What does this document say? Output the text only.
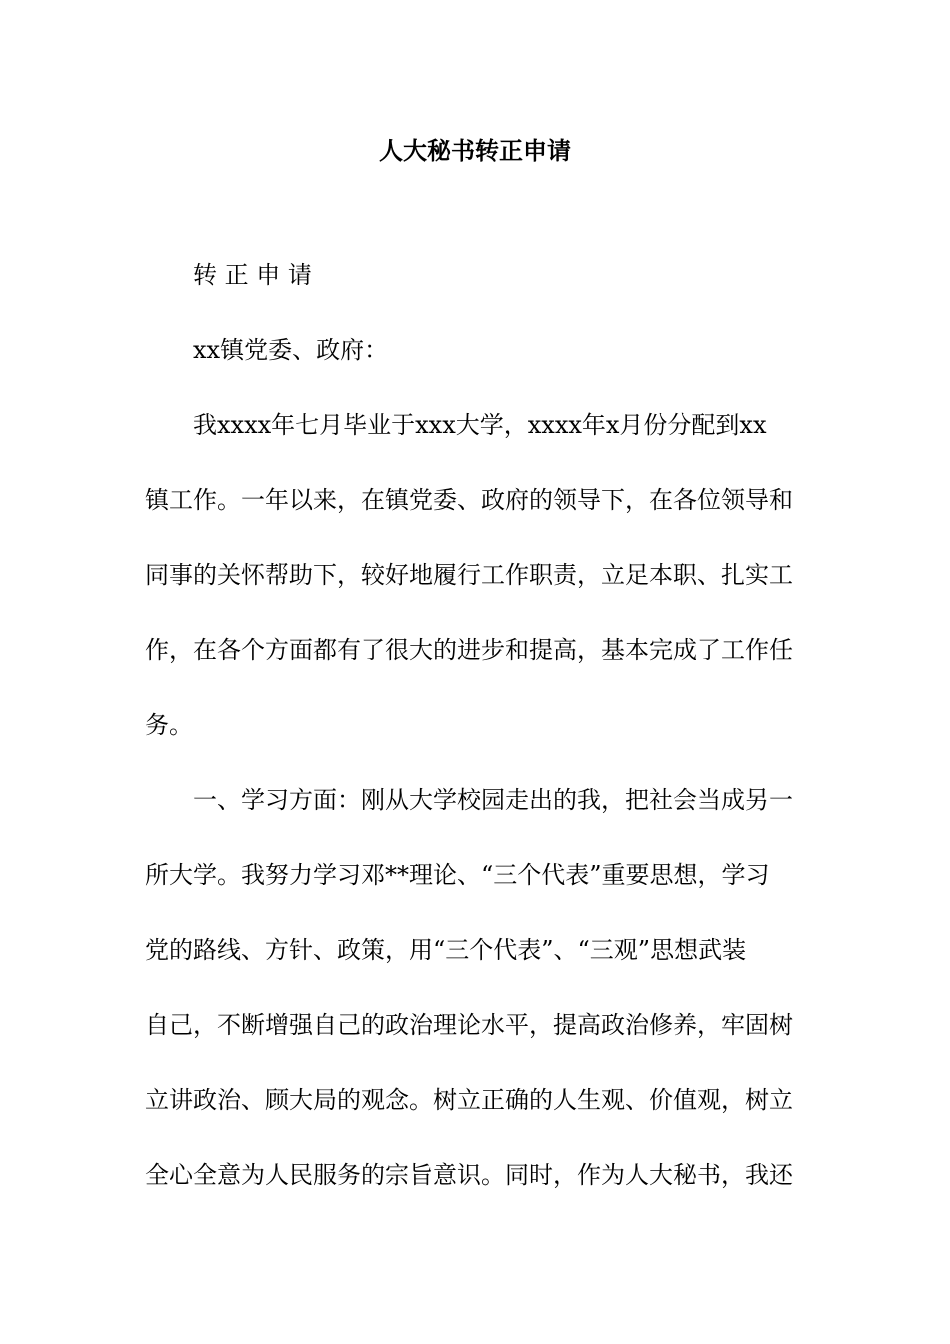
人大秘书转正申请
转 正 申 请
xx镇党委、政府：
我xxxx年七月毕业于xxx大学，xxxx年x月份分配到xx
镇工作。一年以来，在镇党委、政府的领导下，在各位领导和
同事的关怀帮助下，较好地履行工作职责，立足本职、扎实工
作，在各个方面都有了很大的进步和提高，基本完成了工作任
务。
一、学习方面：刚从大学校园走出的我，把社会当成另一
所大学。我努力学习邓**理论、“三个代表”重要思想，学习
党的路线、方针、政策，用“三个代表”、“三观”思想武装
自己，不断增强自己的政治理论水平，提高政治修养，牢固树
立讲政治、顾大局的观念。树立正确的人生观、价值观，树立
全心全意为人民服务的宗旨意识。同时，作为人大秘书，我还
